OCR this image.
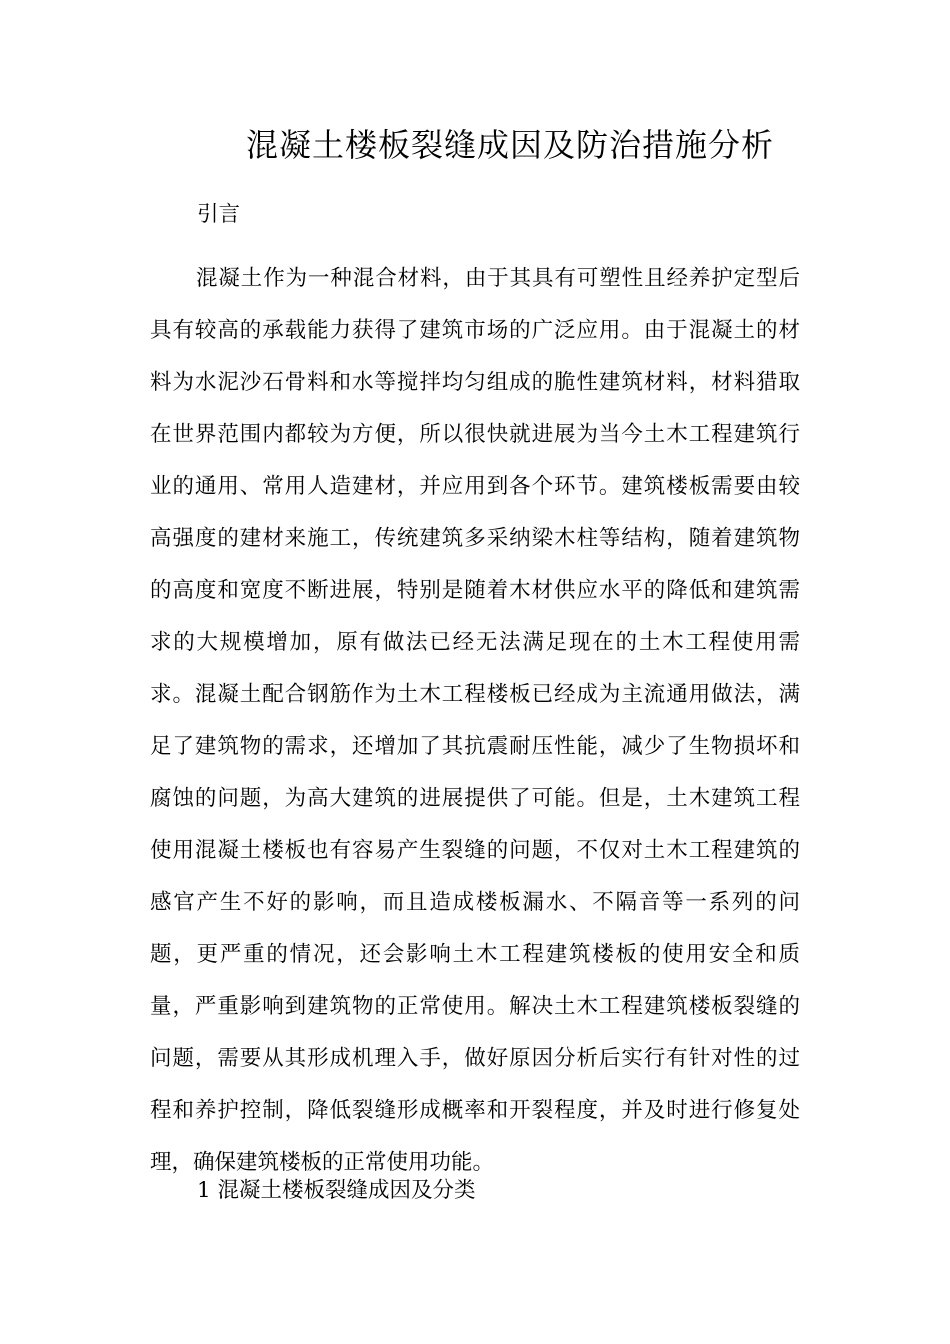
混凝土楼板裂缝成因及防治措施分析
引言
混凝土作为一种混合材料，由于其具有可塑性且经养护定型后
具有较高的承载能力获得了建筑市场的广泛应用。由于混凝土的材
料为水泥沙石骨料和水等搅拌均匀组成的脆性建筑材料，材料猎取
在世界范围内都较为方便，所以很快就进展为当今土木工程建筑行
业的通用、常用人造建材，并应用到各个环节。建筑楼板需要由较
高强度的建材来施工，传统建筑多采纳梁木柱等结构，随着建筑物
的高度和宽度不断进展，特别是随着木材供应水平的降低和建筑需
求的大规模增加，原有做法已经无法满足现在的土木工程使用需
求。混凝土配合钢筋作为土木工程楼板已经成为主流通用做法，满
足了建筑物的需求，还增加了其抗震耐压性能，减少了生物损坏和
腐蚀的问题，为高大建筑的进展提供了可能。但是，土木建筑工程
使用混凝土楼板也有容易产生裂缝的问题，不仅对土木工程建筑的
感官产生不好的影响，而且造成楼板漏水、不隔音等一系列的问
题，更严重的情况，还会影响土木工程建筑楼板的使用安全和质
量，严重影响到建筑物的正常使用。解决土木工程建筑楼板裂缝的
问题，需要从其形成机理入手，做好原因分析后实行有针对性的过
程和养护控制，降低裂缝形成概率和开裂程度，并及时进行修复处
理，确保建筑楼板的正常使用功能。
1 混凝土楼板裂缝成因及分类
